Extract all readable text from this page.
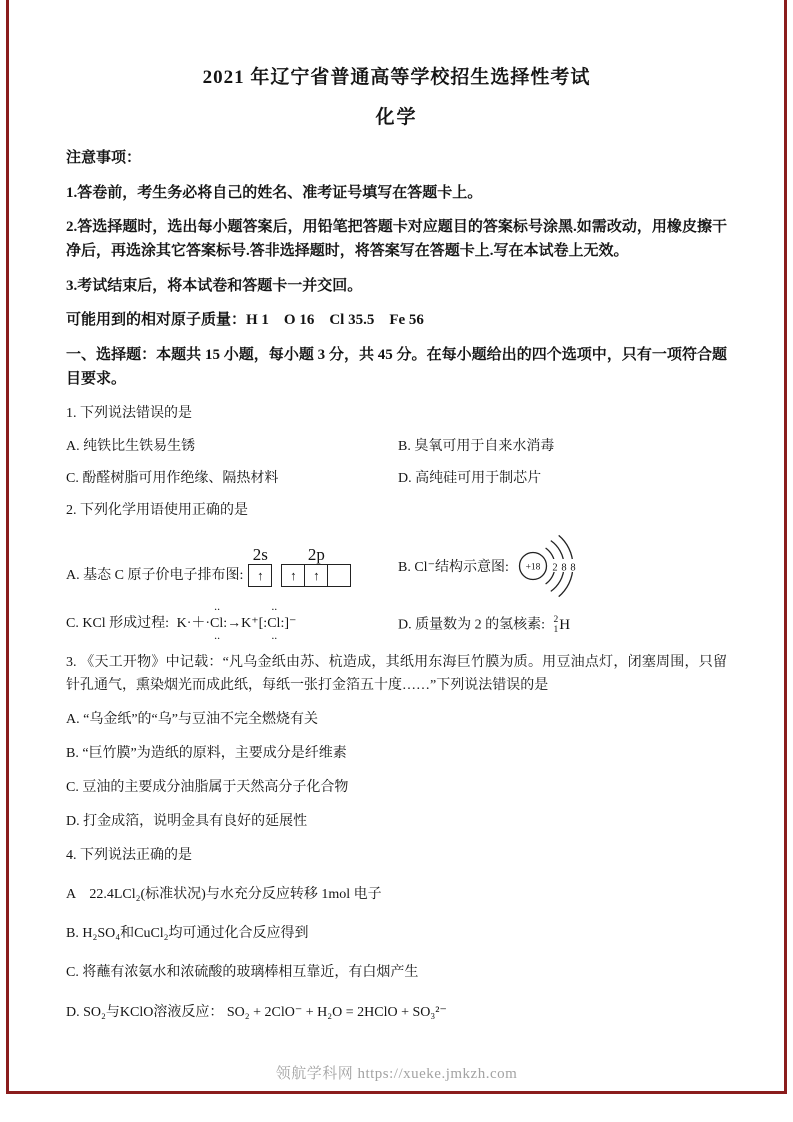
2021 年辽宁省普通高等学校招生选择性考试
化学

注意事项：

1.答卷前，考生务必将自己的姓名、准考证号填写在答题卡上。

2.答选择题时，选出每小题答案后，用铅笔把答题卡对应题目的答案标号涂黑.如需改动，用橡皮擦干净后，再选涂其它答案标号.答非选择题时，将答案写在答题卡上.写在本试卷上无效。

3.考试结束后，将本试卷和答题卡一并交回。

可能用到的相对原子质量：H 1　O 16　Cl 35.5　Fe 56

一、选择题：本题共 15 小题，每小题 3 分，共 45 分。在每小题给出的四个选项中，只有一项符合题目要求。

1. 下列说法错误的是

A. 纯铁比生铁易生锈	B. 臭氧可用于自来水消毒

C. 酚醛树脂可用作绝缘、隔热材料	D. 高纯硅可用于制芯片

2. 下列化学用语使用正确的是

A. 基态 C 原子价电子排布图:
2s
↑
2p
↑	↑
B. Cl⁻结构示意图: +18 2 8 8

C. KCl 形成过程: K·＋··· Cl ··:→K⁺[:·· Cl ··:]⁻	D. 质量数为 2 的氢核素: 2
1 H

3. 《天工开物》中记载：“凡乌金纸由苏、杭造成，其纸用东海巨竹膜为质。用豆油点灯，闭塞周围，只留针孔通气，熏染烟光而成此纸，每纸一张打金箔五十度……”下列说法错误的是

A. “乌金纸”的“乌”与豆油不完全燃烧有关

B. “巨竹膜”为造纸的原料，主要成分是纤维素

C. 豆油的主要成分油脂属于天然高分子化合物

D. 打金成箔，说明金具有良好的延展性

4. 下列说法正确的是

A　22.4LCl₂(标准状况)与水充分反应转移 1mol 电子

B. H₂SO₄和CuCl₂均可通过化合反应得到

C. 将蘸有浓氨水和浓硫酸的玻璃棒相互靠近，有白烟产生

D. SO₂与KClO溶液反应： SO₂ + 2ClO⁻ + H₂O = 2HClO + SO₃²⁻

领航学科网 https://xueke.jmkzh.com
